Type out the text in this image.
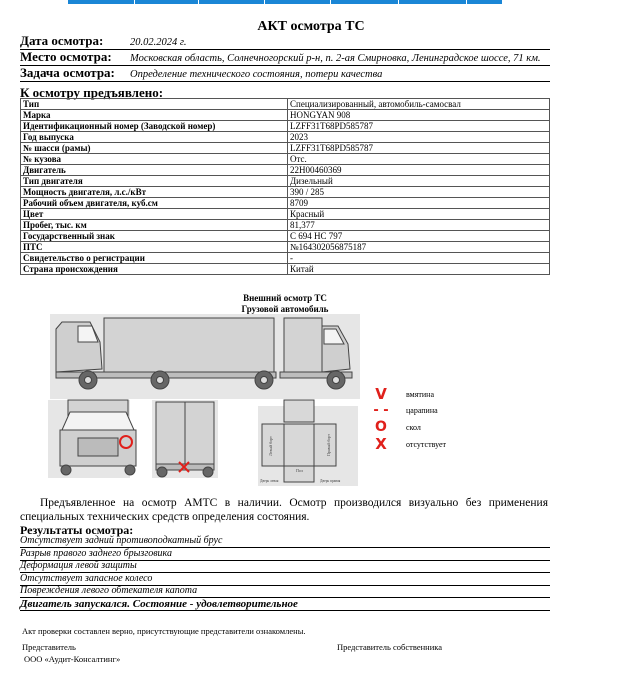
АКТ осмотра ТС
Дата осмотра:	20.02.2024 г.
Место осмотра: Московская область, Солнечногорский р-н, п. 2-ая Смирновка, Ленинградское шоссе, 71 км.
Задача осмотра: Определение технического состояния, потери качества
К осмотру предъявлено:
Тип	Специализированный, автомобиль-самосвал
Марка	HONGYAN 908
Идентификационный номер (Заводской номер)	LZFF31T68PD585787
Год выпуска	2023
№ шасси (рамы)	LZFF31T68PD585787
№ кузова	Отс.
Двигатель	22H00460369
Тип двигателя	Дизельный
Мощность двигателя, л.с./кВт	390 / 285
Рабочий объем двигателя, куб.см	8709
Цвет	Красный
Пробег, тыс. км	81,377
Государственный знак	С 694 НС 797
ПТС	№164302056875187
Свидетельство о регистрации	-
Страна происхождения	Китай
Внешний осмотр ТС
Грузовой автомобиль
Левый борт	Правый борт
Пол
Дверь левая	Дверь правая
V	вмятина
- - царапина
O	скол
X	отсутствует
Предъявленное на осмотр АМТС в наличии. Осмотр производился визуально без применения специальных технических средств определения состояния.
Результаты осмотра:
Отсутствует задний противоподкатный брус
Разрыв правого заднего брызговика
Деформация левой защиты
Отсутствует запасное колесо
Повреждения левого обтекателя капота
Двигатель запускался. Состояние - удовлетворительное
Акт проверки составлен верно, присутствующие представители ознакомлены.
Представитель
ООО «Аудит-Консалтинг»
Представитель собственника
